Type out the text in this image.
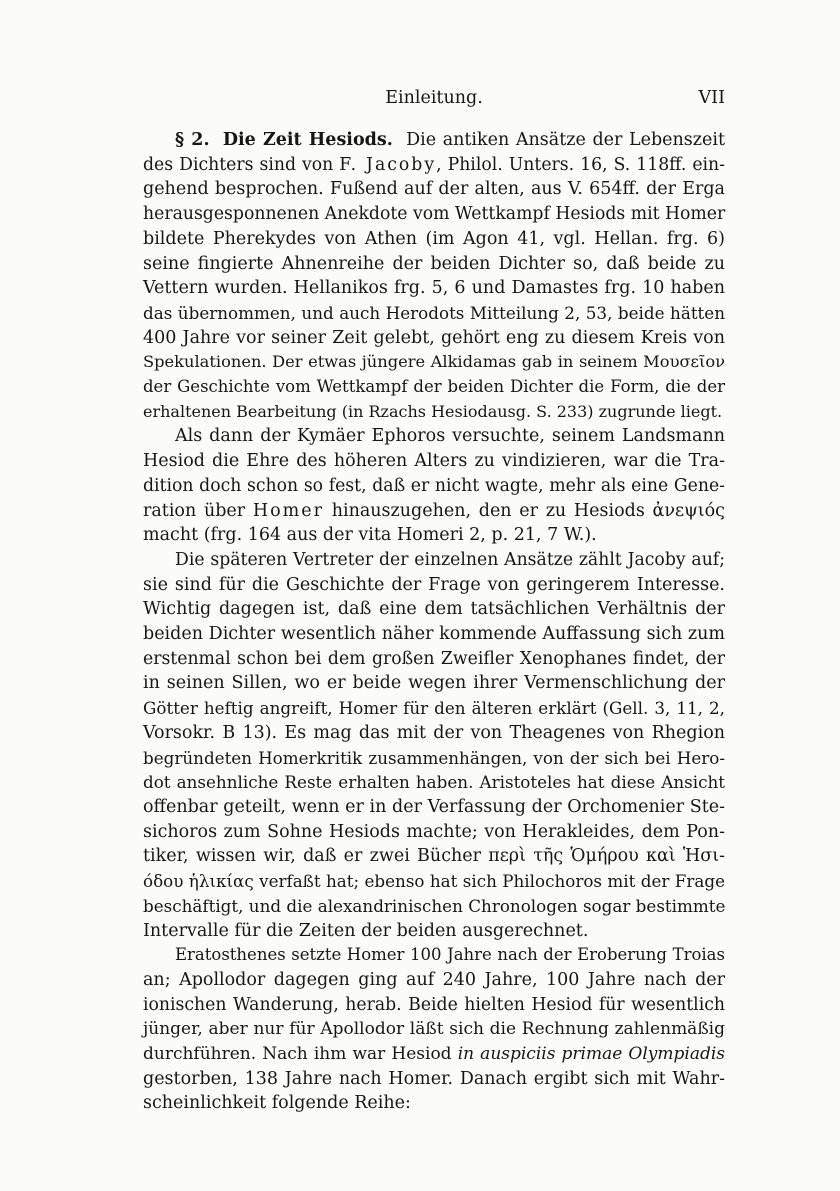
Einleitung.	VII
§ 2. Die Zeit Hesiods. Die antiken Ansätze der Lebenszeit
des Dichters sind von F. Jacoby, Philol. Unters. 16, S. 118ff. ein-
gehend besprochen. Fußend auf der alten, aus V. 654ff. der Erga
herausgesponnenen Anekdote vom Wettkampf Hesiods mit Homer
bildete Pherekydes von Athen (im Agon 41, vgl. Hellan. frg. 6)
seine fingierte Ahnenreihe der beiden Dichter so, daß beide zu
Vettern wurden. Hellanikos frg. 5, 6 und Damastes frg. 10 haben
das übernommen, und auch Herodots Mitteilung 2, 53, beide hätten
400 Jahre vor seiner Zeit gelebt, gehört eng zu diesem Kreis von
Spekulationen. Der etwas jüngere Alkidamas gab in seinem Μουσεῖον
der Geschichte vom Wettkampf der beiden Dichter die Form, die der
erhaltenen Bearbeitung (in Rzachs Hesiodausg. S. 233) zugrunde liegt.
Als dann der Kymäer Ephoros versuchte, seinem Landsmann
Hesiod die Ehre des höheren Alters zu vindizieren, war die Tra-
dition doch schon so fest, daß er nicht wagte, mehr als eine Gene-
ration über Homer hinauszugehen, den er zu Hesiods ἀνεψιός
macht (frg. 164 aus der vita Homeri 2, p. 21, 7 W.).
Die späteren Vertreter der einzelnen Ansätze zählt Jacoby auf;
sie sind für die Geschichte der Frage von geringerem Interesse.
Wichtig dagegen ist, daß eine dem tatsächlichen Verhältnis der
beiden Dichter wesentlich näher kommende Auffassung sich zum
erstenmal schon bei dem großen Zweifler Xenophanes findet, der
in seinen Sillen, wo er beide wegen ihrer Vermenschlichung der
Götter heftig angreift, Homer für den älteren erklärt (Gell. 3, 11, 2,
Vorsokr. B 13). Es mag das mit der von Theagenes von Rhegion
begründeten Homerkritik zusammenhängen, von der sich bei Hero-
dot ansehnliche Reste erhalten haben. Aristoteles hat diese Ansicht
offenbar geteilt, wenn er in der Verfassung der Orchomenier Ste-
sichoros zum Sohne Hesiods machte; von Herakleides, dem Pon-
tiker, wissen wir, daß er zwei Bücher περὶ τῆς Ὁμήρου καὶ Ἡσι-
όδου ἡλικίας verfaßt hat; ebenso hat sich Philochoros mit der Frage
beschäftigt, und die alexandrinischen Chronologen sogar bestimmte
Intervalle für die Zeiten der beiden ausgerechnet.
Eratosthenes setzte Homer 100 Jahre nach der Eroberung Troias
an; Apollodor dagegen ging auf 240 Jahre, 100 Jahre nach der
ionischen Wanderung, herab. Beide hielten Hesiod für wesentlich
jünger, aber nur für Apollodor läßt sich die Rechnung zahlenmäßig
durchführen. Nach ihm war Hesiod in auspiciis primae Olympiadis
gestorben, 138 Jahre nach Homer. Danach ergibt sich mit Wahr-
scheinlichkeit folgende Reihe:
